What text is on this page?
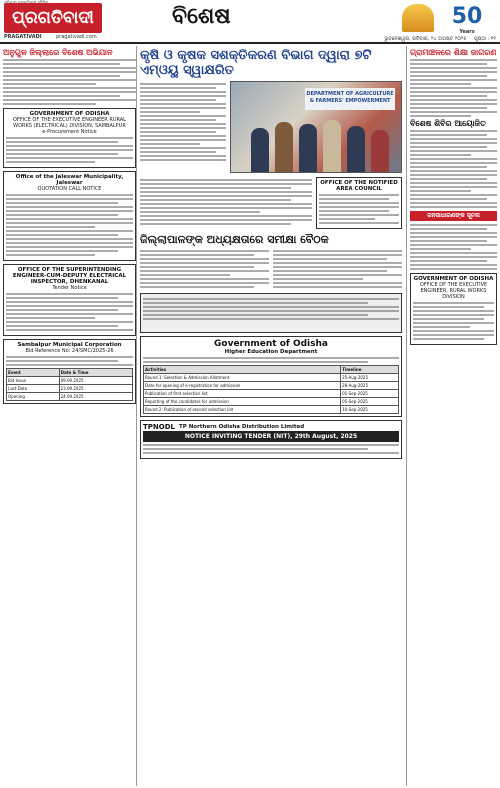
ପ୍ରଗତିବାଦୀ
PRAGATIVADI	pragativadi.com
ବିଶେଷ	50
Years
ଭୁବନେଶ୍ୱର, ରବିବାର, ୨୪ ଅଗଷ୍ଟ ୨୦୨୫ ପୃଷ୍ଠା : ୧୧
ଅନୁଗୁଳ ଜିଲ୍ଲାରେ ବିଶେଷ ଅଭିଯାନ
GOVERNMENT OF ODISHA
OFFICE OF THE EXECUTIVE ENGINEER RURAL WORKS (ELECTRICAL) DIVISION, SAMBALPUR
e-Procurement Notice
Office of the Jaleswar Municipality, Jaleswar
QUOTATION CALL NOTICE
OFFICE OF THE SUPERINTENDING ENGINEER-CUM-DEPUTY ELECTRICAL INSPECTOR, DHENKANAL
Tender Notice
Sambalpur Municipal Corporation
Bid Reference No: 24/SMC/2025-26
Event	Date & Time
Bid Issue	09.09.2025
Last Date	23.09.2025
Opening	24.09.2025
କୃଷି ଓ କୃଷକ ସଶକ୍ତିକରଣ ବିଭାଗ ଦ୍ୱାରା ୭ଟି ଏମ୍‌ଓୟୁ ସ୍ୱାକ୍ଷରିତ
DEPARTMENT OF AGRICULTURE & FARMERS' EMPOWERMENT
OFFICE OF THE NOTIFIED AREA COUNCIL
ଜିଲ୍ଲାପାଳଙ୍କ ଅଧ୍ୟକ୍ଷତାରେ ସମୀକ୍ଷା ବୈଠକ
Government of Odisha
Higher Education Department
Activities	Timeline
Round 1: Selection & Admission Allotment	25-Aug-2025
Date for opening of e-registration for admission	28-Aug-2025
Publication of first selection list	01-Sep-2025
Reporting of the candidates for admission	05-Sep-2025
Round 2: Publication of second selection list	10-Sep-2025
TPNODL TP Northern Odisha Distribution Limited
NOTICE INVITING TENDER (NIT), 29th August, 2025
ଗ୍ରାମାଞ୍ଚଳରେ ଶିକ୍ଷା ଜାଗରଣ
ବିଶେଷ ଶିବିର ଆୟୋଜିତ
ଜନସାଧାରଣଙ୍କ ସୂଚନା
GOVERNMENT OF ODISHA
OFFICE OF THE EXECUTIVE ENGINEER, RURAL WORKS DIVISION
